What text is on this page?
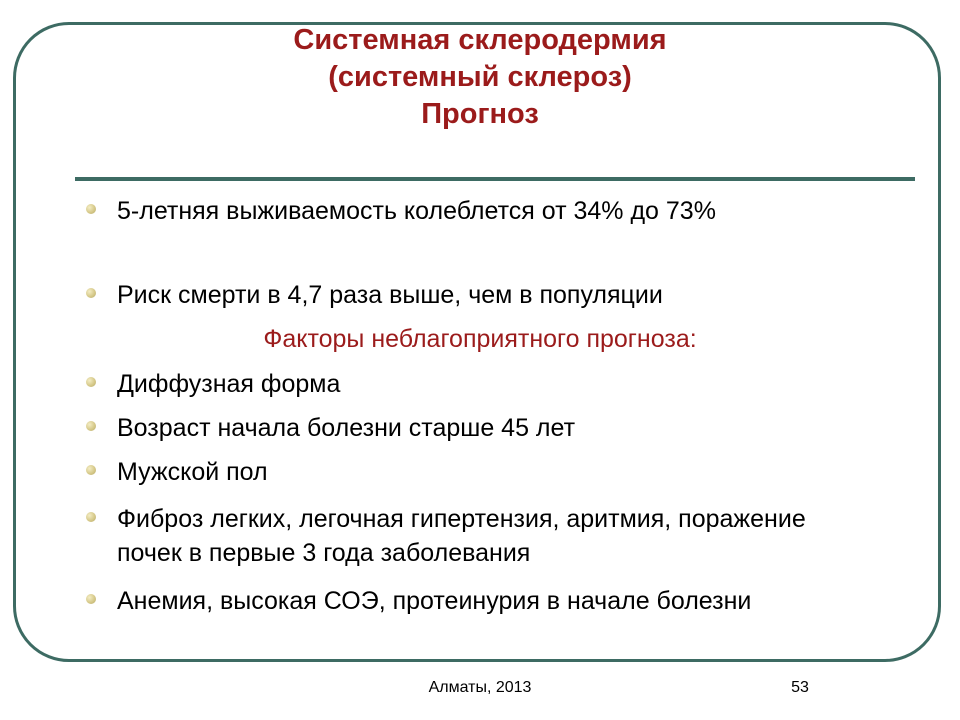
Системная склеродермия
(системный склероз)
Прогноз
5-летняя выживаемость колеблется от 34% до 73%
Риск смерти в 4,7 раза выше, чем в популяции
Факторы неблагоприятного прогноза:
Диффузная форма
Возраст начала болезни старше 45 лет
Мужской пол
Фиброз легких, легочная гипертензия, аритмия, поражение почек в первые 3 года заболевания
Анемия, высокая СОЭ, протеинурия в начале болезни
Алматы, 2013	53
